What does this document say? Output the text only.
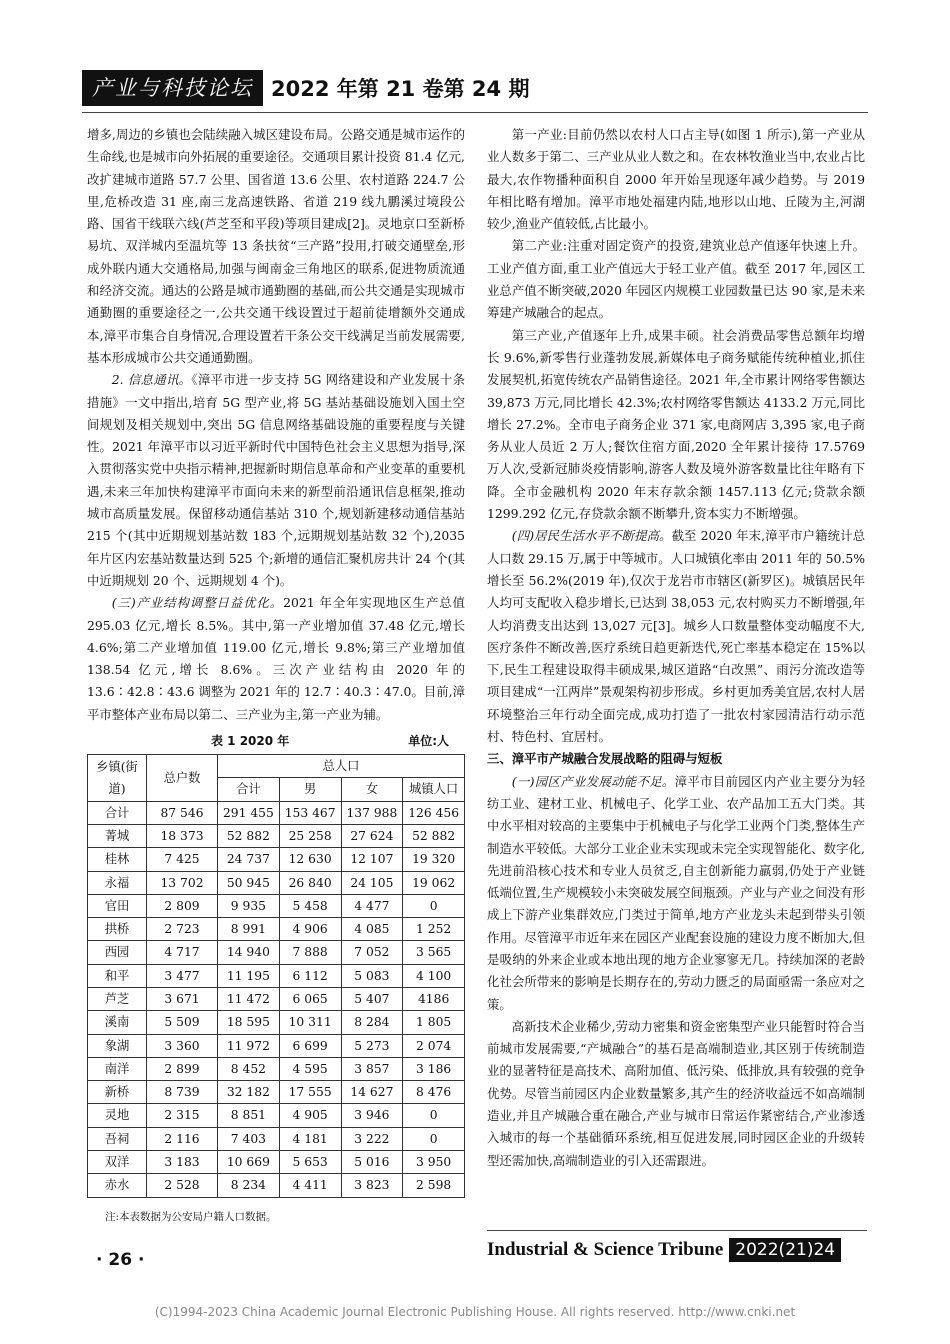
产业与科技论坛 2022 年第 21 卷第 24 期

增多,周边的乡镇也会陆续融入城区建设布局。公路交通是城市运作的生命线,也是城市向外拓展的重要途径。交通项目累计投资 81.4 亿元,改扩建城市道路 57.7 公里、国省道 13.6 公里、农村道路 224.7 公里,危桥改造 31 座,南三龙高速铁路、省道 219 线九鹏溪过境段公路、国省干线联六线(芦芝至和平段)等项目建成[2]。灵地京口至新桥易坑、双洋城内至温坑等 13 条扶贫“三产路”投用,打破交通壁垒,形成外联内通大交通格局,加强与闽南金三角地区的联系,促进物质流通和经济交流。通达的公路是城市通勤圈的基础,而公共交通是实现城市通勤圈的重要途径之一,公共交通干线设置过于超前徒增额外交通成本,漳平市集合自身情况,合理设置若干条公交干线满足当前发展需要,基本形成城市公共交通通勤圈。

2. 信息通讯。《漳平市进一步支持 5G 网络建设和产业发展十条措施》一文中指出,培育 5G 型产业,将 5G 基站基础设施划入国土空间规划及相关规划中,突出 5G 信息网络基础设施的重要程度与关键性。2021 年漳平市以习近平新时代中国特色社会主义思想为指导,深入贯彻落实党中央指示精神,把握新时期信息革命和产业变革的重要机遇,未来三年加快构建漳平市面向未来的新型前沿通讯信息框架,推动城市高质量发展。保留移动通信基站 310 个,规划新建移动通信基站 215 个(其中近期规划基站数 183 个,远期规划基站数 32 个),2035 年片区内宏基站数量达到 525 个;新增的通信汇聚机房共计 24 个(其中近期规划 20 个、远期规划 4 个)。

(三)产业结构调整日益优化。2021 年全年实现地区生产总值 295.03 亿元,增长 8.5%。其中,第一产业增加值 37.48 亿元,增长 4.6%;第二产业增加值 119.00 亿元,增长 9.8%;第三产业增加值 138.54 亿元,增长 8.6%。三次产业结构由 2020 年的 13.6∶42.8∶43.6 调整为 2021 年的 12.7∶40.3∶47.0。目前,漳平市整体产业布局以第二、三产业为主,第一产业为辅。

表 1 2020 年	单位:人
乡镇(街道)	总户数	总人口			
		合计	男	女	城镇人口
合计	87 546	291 455	153 467	137 988	126 456
菁城	18 373	52 882	25 258	27 624	52 882
桂林	7 425	24 737	12 630	12 107	19 320
永福	13 702	50 945	26 840	24 105	19 062
官田	2 809	9 935	5 458	4 477	0
拱桥	2 723	8 991	4 906	4 085	1 252
西园	4 717	14 940	7 888	7 052	3 565
和平	3 477	11 195	6 112	5 083	4 100
芦芝	3 671	11 472	6 065	5 407	4186
溪南	5 509	18 595	10 311	8 284	1 805
象湖	3 360	11 972	6 699	5 273	2 074
南洋	2 899	8 452	4 595	3 857	3 186
新桥	8 739	32 182	17 555	14 627	8 476
灵地	2 315	8 851	4 905	3 946	0
吾祠	2 116	7 403	4 181	3 222	0
双洋	3 183	10 669	5 653	5 016	3 950
赤水	2 528	8 234	4 411	3 823	2 598
注:本表数据为公安局户籍人口数据。

第一产业:目前仍然以农村人口占主导(如图 1 所示),第一产业从业人数多于第二、三产业从业人数之和。在农林牧渔业当中,农业占比最大,农作物播种面积自 2000 年开始呈现逐年减少趋势。与 2019 年相比略有增加。漳平市地处福建内陆,地形以山地、丘陵为主,河湖较少,渔业产值较低,占比最小。

第二产业:注重对固定资产的投资,建筑业总产值逐年快速上升。工业产值方面,重工业产值远大于轻工业产值。截至 2017 年,园区工业总产值不断突破,2020 年园区内规模工业园数量已达 90 家,是未来筹建产城融合的起点。

第三产业,产值逐年上升,成果丰硕。社会消费品零售总额年均增长 9.6%,新零售行业蓬勃发展,新媒体电子商务赋能传统种植业,抓住发展契机,拓宽传统农产品销售途径。2021 年,全市累计网络零售额达 39,873 万元,同比增长 42.3%;农村网络零售额达 4133.2 万元,同比增长 27.2%。全市电子商务企业 371 家,电商网店 3,395 家,电子商务从业人员近 2 万人;餐饮住宿方面,2020 全年累计接待 17.5769 万人次,受新冠肺炎疫情影响,游客人数及境外游客数量比往年略有下降。全市金融机构 2020 年末存款余额 1457.113 亿元;贷款余额 1299.292 亿元,存贷款余额不断攀升,资本实力不断增强。

(四)居民生活水平不断提高。截至 2020 年末,漳平市户籍统计总人口数 29.15 万,属于中等城市。人口城镇化率由 2011 年的 50.5%增长至 56.2%(2019 年),仅次于龙岩市市辖区(新罗区)。城镇居民年人均可支配收入稳步增长,已达到 38,053 元,农村购买力不断增强,年人均消费支出达到 13,027 元[3]。城乡人口数量整体变动幅度不大,医疗条件不断改善,医疗系统日趋更新迭代,死亡率基本稳定在 15%以下,民生工程建设取得丰硕成果,城区道路“白改黑”、雨污分流改造等项目建成“一江两岸”景观架构初步形成。乡村更加秀美宜居,农村人居环境整治三年行动全面完成,成功打造了一批农村家园清洁行动示范村、特色村、宜居村。

三、漳平市产城融合发展战略的阻碍与短板

(一)园区产业发展动能不足。漳平市目前园区内产业主要分为轻纺工业、建材工业、机械电子、化学工业、农产品加工五大门类。其中水平相对较高的主要集中于机械电子与化学工业两个门类,整体生产制造水平较低。大部分工业企业未实现或未完全实现智能化、数字化,先进前沿核心技术和专业人员贫乏,自主创新能力羸弱,仍处于产业链低端位置,生产规模较小未突破发展空间瓶颈。产业与产业之间没有形成上下游产业集群效应,门类过于简单,地方产业龙头未起到带头引领作用。尽管漳平市近年来在园区产业配套设施的建设力度不断加大,但是吸纳的外来企业或本地出现的地方企业寥寥无几。持续加深的老龄化社会所带来的影响是长期存在的,劳动力匮乏的局面亟需一条应对之策。

高新技术企业稀少,劳动力密集和资金密集型产业只能暂时符合当前城市发展需要,“产城融合”的基石是高端制造业,其区别于传统制造业的显著特征是高技术、高附加值、低污染、低排放,具有较强的竞争优势。尽管当前园区内企业数量繁多,其产生的经济收益远不如高端制造业,并且产城融合重在融合,产业与城市日常运作紧密结合,产业渗透入城市的每一个基础循环系统,相互促进发展,同时园区企业的升级转型还需加快,高端制造业的引入还需跟进。

· 26 ·	Industrial & Science Tribune 2022(21)24
(C)1994-2023 China Academic Journal Electronic Publishing House. All rights reserved. http://www.cnki.net
